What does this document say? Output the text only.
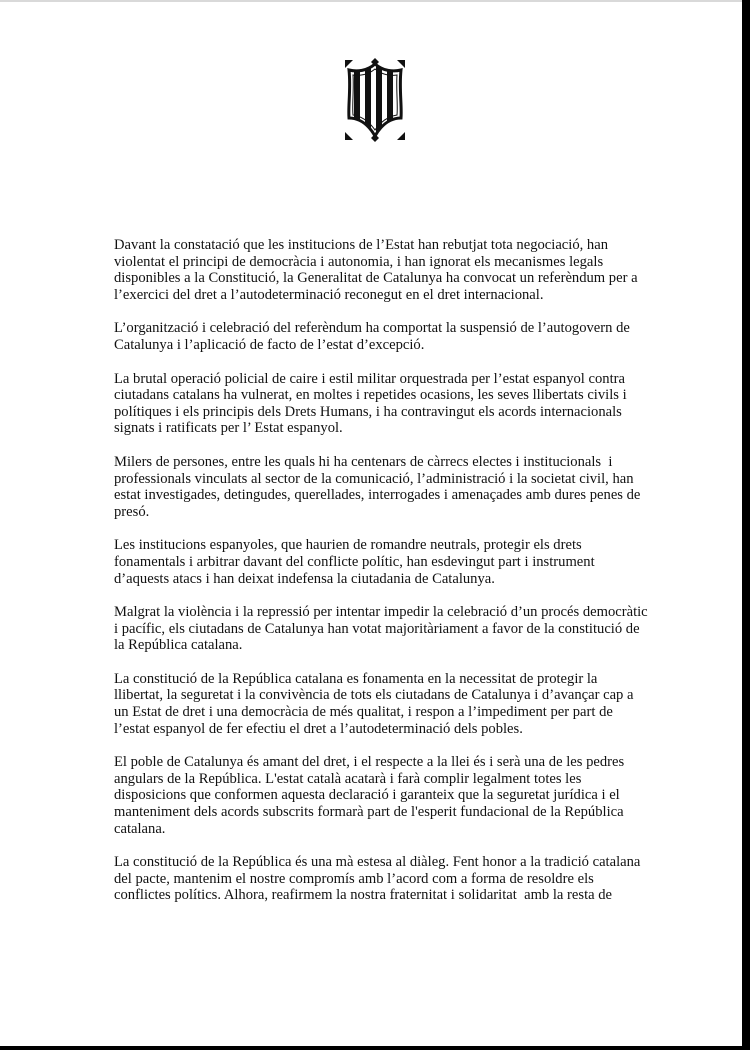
Davant la constatació que les institucions de l’Estat han rebutjat tota negociació, han
violentat el principi de democràcia i autonomia, i han ignorat els mecanismes legals
disponibles a la Constitució, la Generalitat de Catalunya ha convocat un referèndum per a
l’exercici del dret a l’autodeterminació reconegut en el dret internacional.

L’organització i celebració del referèndum ha comportat la suspensió de l’autogovern de
Catalunya i l’aplicació de facto de l’estat d’excepció.

La brutal operació policial de caire i estil militar orquestrada per l’estat espanyol contra
ciutadans catalans ha vulnerat, en moltes i repetides ocasions, les seves llibertats civils i
polítiques i els principis dels Drets Humans, i ha contravingut els acords internacionals
signats i ratificats per l’ Estat espanyol.

Milers de persones, entre les quals hi ha centenars de càrrecs electes i institucionals  i
professionals vinculats al sector de la comunicació, l’administració i la societat civil, han
estat investigades, detingudes, querellades, interrogades i amenaçades amb dures penes de
presó.

Les institucions espanyoles, que haurien de romandre neutrals, protegir els drets
fonamentals i arbitrar davant del conflicte polític, han esdevingut part i instrument
d’aquests atacs i han deixat indefensa la ciutadania de Catalunya.

Malgrat la violència i la repressió per intentar impedir la celebració d’un procés democràtic
i pacífic, els ciutadans de Catalunya han votat majoritàriament a favor de la constitució de
la República catalana.

La constitució de la República catalana es fonamenta en la necessitat de protegir la
llibertat, la seguretat i la convivència de tots els ciutadans de Catalunya i d’avançar cap a
un Estat de dret i una democràcia de més qualitat, i respon a l’impediment per part de
l’estat espanyol de fer efectiu el dret a l’autodeterminació dels pobles.

El poble de Catalunya és amant del dret, i el respecte a la llei és i serà una de les pedres
angulars de la República. L'estat català acatarà i farà complir legalment totes les
disposicions que conformen aquesta declaració i garanteix que la seguretat jurídica i el
manteniment dels acords subscrits formarà part de l'esperit fundacional de la República
catalana.

La constitució de la República és una mà estesa al diàleg. Fent honor a la tradició catalana
del pacte, mantenim el nostre compromís amb l’acord com a forma de resoldre els
conflictes polítics. Alhora, reafirmem la nostra fraternitat i solidaritat  amb la resta de
